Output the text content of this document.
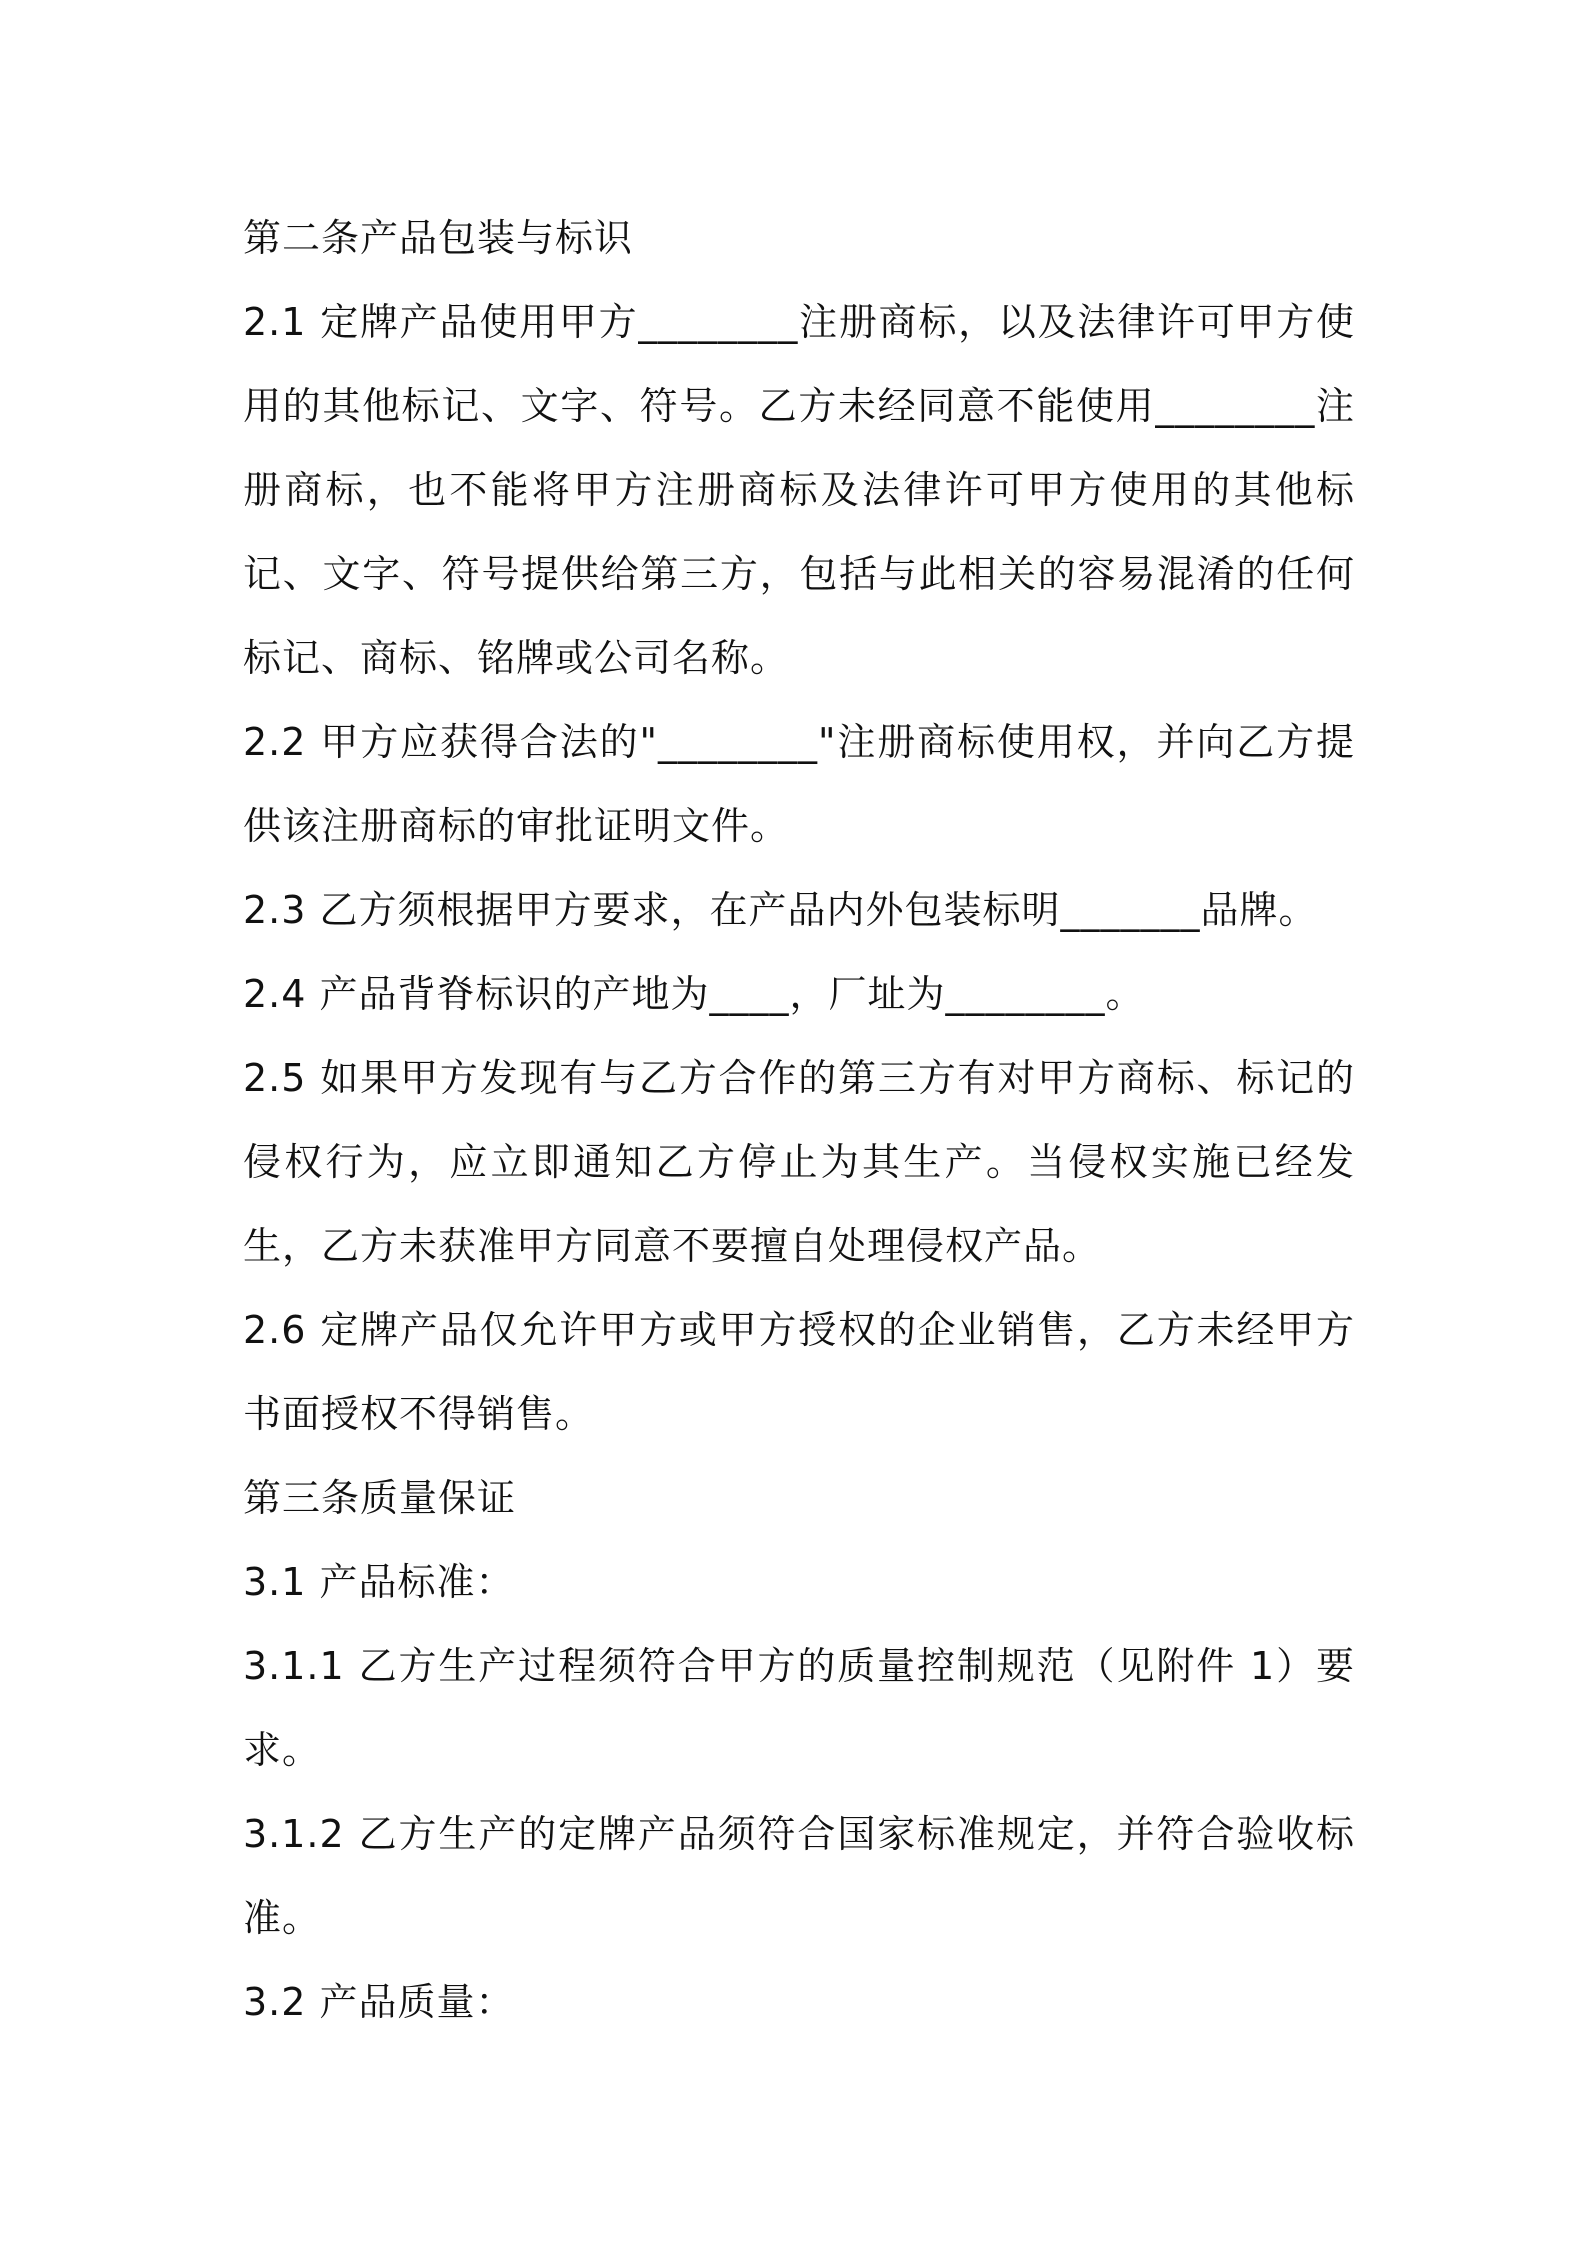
第二条产品包装与标识

2.1 定牌产品使用甲方________注册商标，以及法律许可甲方使用的其他标记、文字、符号。乙方未经同意不能使用________注册商标，也不能将甲方注册商标及法律许可甲方使用的其他标记、文字、符号提供给第三方，包括与此相关的容易混淆的任何标记、商标、铭牌或公司名称。

2.2 甲方应获得合法的"________"注册商标使用权，并向乙方提供该注册商标的审批证明文件。

2.3 乙方须根据甲方要求，在产品内外包装标明_______品牌。

2.4 产品背脊标识的产地为____，厂址为________。

2.5 如果甲方发现有与乙方合作的第三方有对甲方商标、标记的侵权行为，应立即通知乙方停止为其生产。当侵权实施已经发生，乙方未获准甲方同意不要擅自处理侵权产品。

2.6 定牌产品仅允许甲方或甲方授权的企业销售，乙方未经甲方书面授权不得销售。

第三条质量保证

3.1 产品标准：

3.1.1 乙方生产过程须符合甲方的质量控制规范（见附件 1）要求。

3.1.2 乙方生产的定牌产品须符合国家标准规定，并符合验收标准。

3.2 产品质量：
